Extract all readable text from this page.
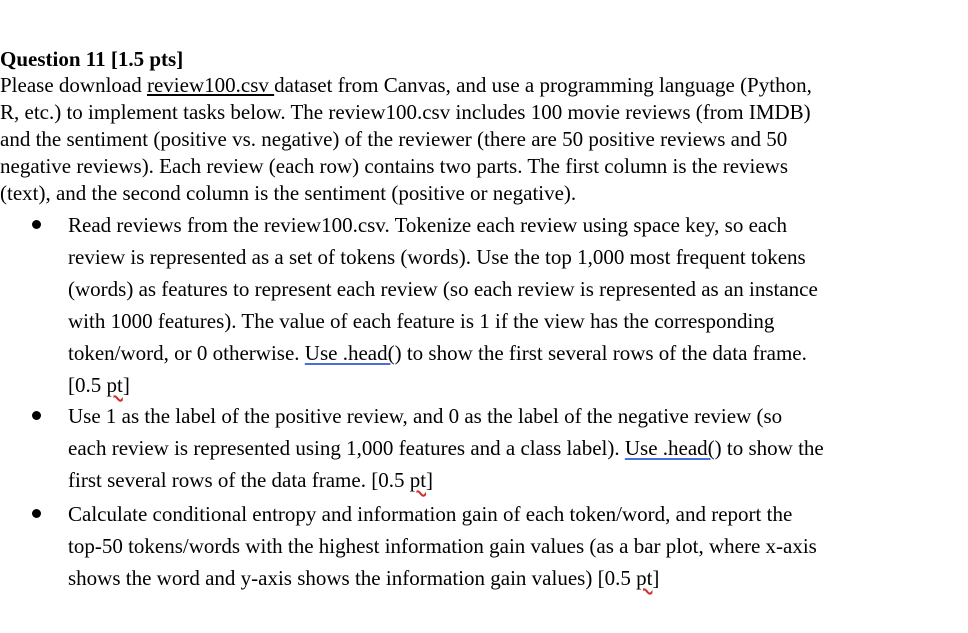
Question 11 [1.5 pts]
Please download review100.csv dataset from Canvas, and use a programming language (Python,
R, etc.) to implement tasks below. The review100.csv includes 100 movie reviews (from IMDB)
and the sentiment (positive vs. negative) of the reviewer (there are 50 positive reviews and 50
negative reviews). Each review (each row) contains two parts. The first column is the reviews
(text), and the second column is the sentiment (positive or negative).
Read reviews from the review100.csv. Tokenize each review using space key, so each
review is represented as a set of tokens (words). Use the top 1,000 most frequent tokens
(words) as features to represent each review (so each review is represented as an instance
with 1000 features). The value of each feature is 1 if the view has the corresponding
token/word, or 0 otherwise. Use .head() to show the first several rows of the data frame.
[0.5 pt]
Use 1 as the label of the positive review, and 0 as the label of the negative review (so
each review is represented using 1,000 features and a class label). Use .head() to show the
first several rows of the data frame. [0.5 pt]
Calculate conditional entropy and information gain of each token/word, and report the
top-50 tokens/words with the highest information gain values (as a bar plot, where x-axis
shows the word and y-axis shows the information gain values) [0.5 pt]
